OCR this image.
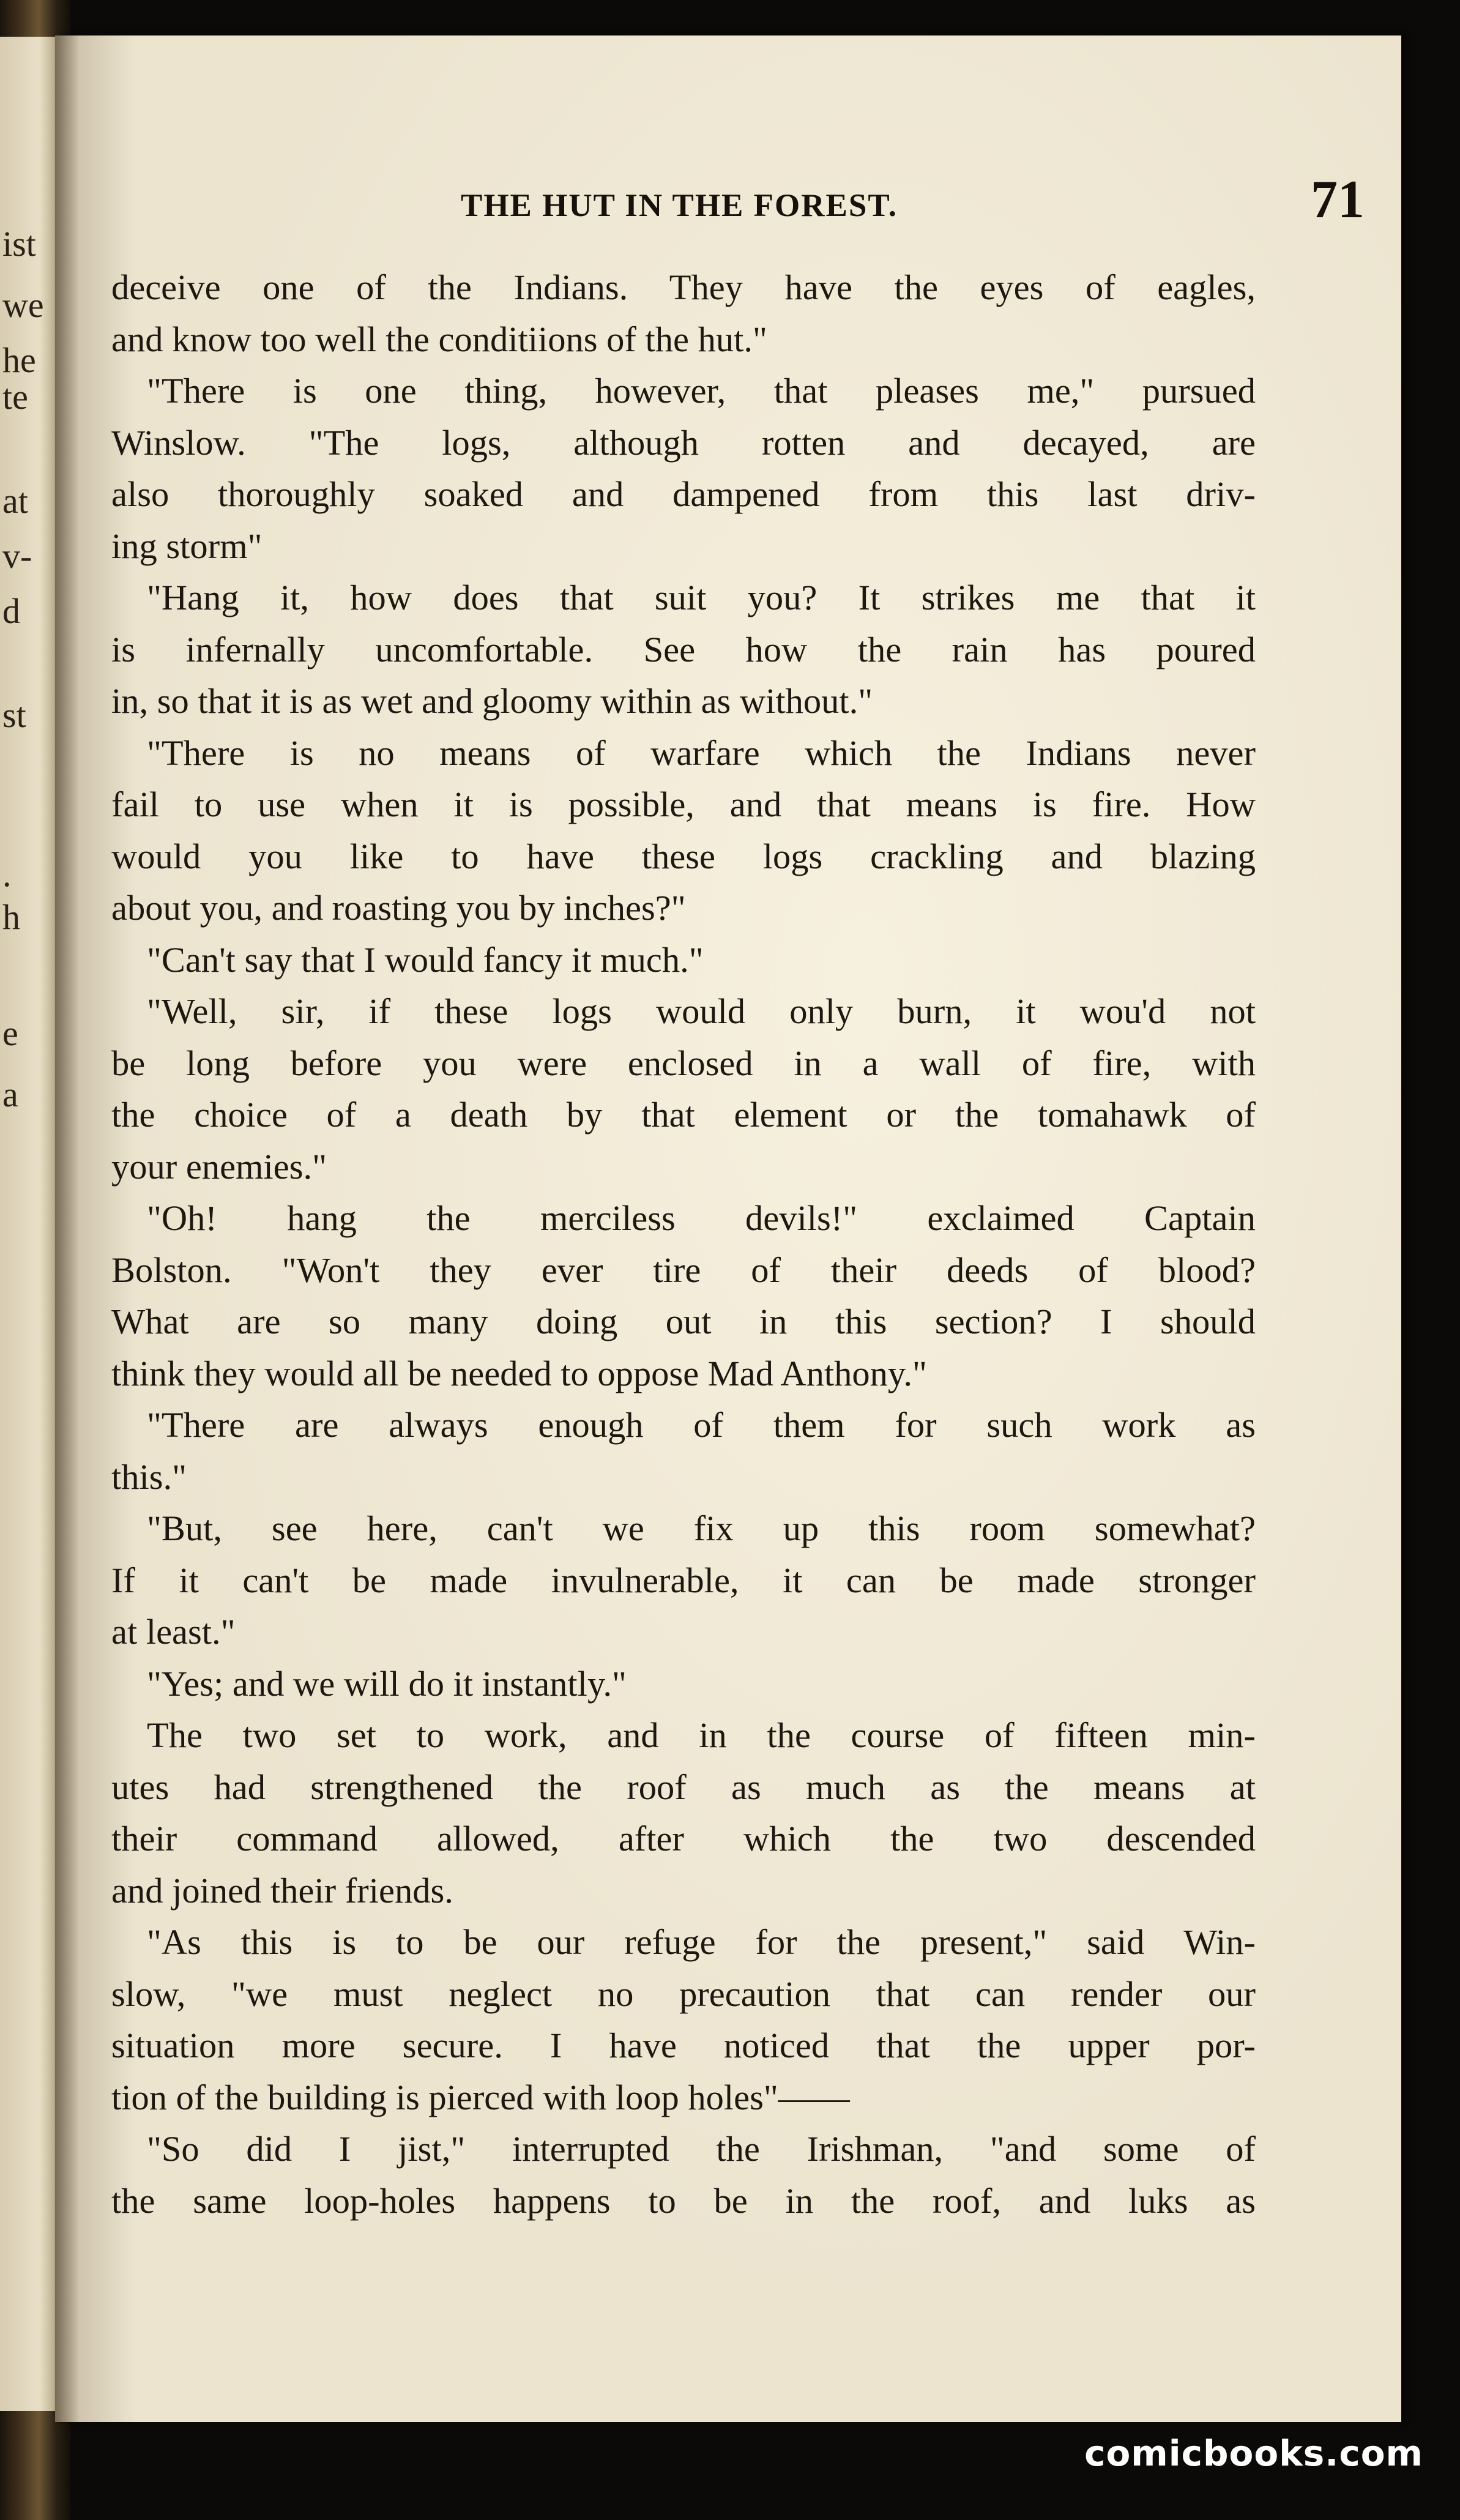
ist
we
he
te
at
v-
d
st
.
h
e
a
THE HUT IN THE FOREST.	71
deceive one of the Indians. They have the eyes of eagles,
and know too well the conditiions of the hut."
"There is one thing, however, that pleases me," pursued
Winslow. "The logs, although rotten and decayed, are
also thoroughly soaked and dampened from this last driv-
ing storm"
"Hang it, how does that suit you? It strikes me that it
is infernally uncomfortable. See how the rain has poured
in, so that it is as wet and gloomy within as without."
"There is no means of warfare which the Indians never
fail to use when it is possible, and that means is fire. How
would you like to have these logs crackling and blazing
about you, and roasting you by inches?"
"Can't say that I would fancy it much."
"Well, sir, if these logs would only burn, it wou'd not
be long before you were enclosed in a wall of fire, with
the choice of a death by that element or the tomahawk of
your enemies."
"Oh! hang the merciless devils!" exclaimed Captain
Bolston. "Won't they ever tire of their deeds of blood?
What are so many doing out in this section? I should
think they would all be needed to oppose Mad Anthony."
"There are always enough of them for such work as
this."
"But, see here, can't we fix up this room somewhat?
If it can't be made invulnerable, it can be made stronger
at least."
"Yes; and we will do it instantly."
The two set to work, and in the course of fifteen min-
utes had strengthened the roof as much as the means at
their command allowed, after which the two descended
and joined their friends.
"As this is to be our refuge for the present," said Win-
slow, "we must neglect no precaution that can render our
situation more secure. I have noticed that the upper por-
tion of the building is pierced with loop holes"——
"So did I jist," interrupted the Irishman, "and some of
the same loop-holes happens to be in the roof, and luks as
comicbooks.com
